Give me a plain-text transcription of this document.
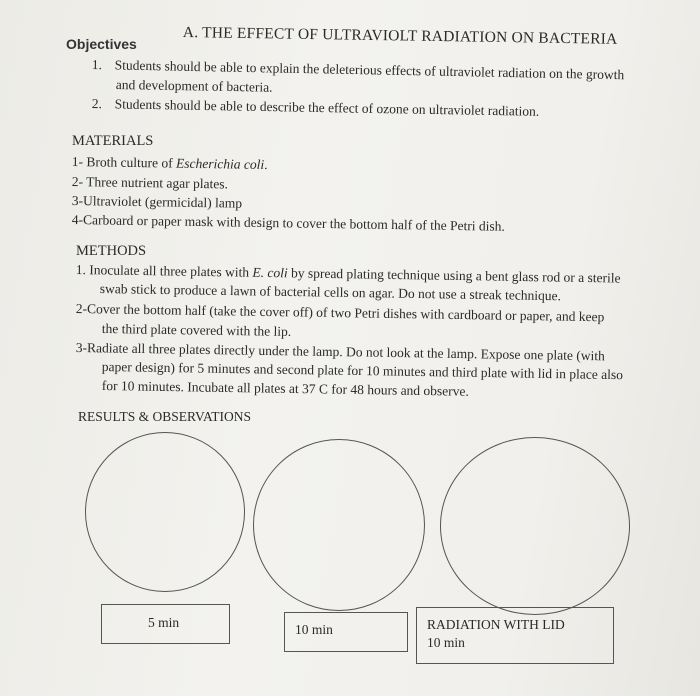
A. THE EFFECT OF ULTRAVIOLT RADIATION ON BACTERIA
Objectives
1. Students should be able to explain the deleterious effects of ultraviolet radiation on the growth
and development of bacteria.
2. Students should be able to describe the effect of ozone on ultraviolet radiation.
MATERIALS
1- Broth culture of Escherichia coli.
2- Three nutrient agar plates.
3-Ultraviolet (germicidal) lamp
4-Carboard or paper mask with design to cover the bottom half of the Petri dish.
METHODS
1. Inoculate all three plates with E. coli by spread plating technique using a bent glass rod or a sterile
swab stick to produce a lawn of bacterial cells on agar. Do not use a streak technique.
2-Cover the bottom half (take the cover off) of two Petri dishes with cardboard or paper, and keep
the third plate covered with the lip.
3-Radiate all three plates directly under the lamp. Do not look at the lamp. Expose one plate (with
paper design) for 5 minutes and second plate for 10 minutes and third plate with lid in place also
for 10 minutes. Incubate all plates at 37 C for 48 hours and observe.
RESULTS & OBSERVATIONS
5 min	10 min	RADIATION WITH LID
10 min
